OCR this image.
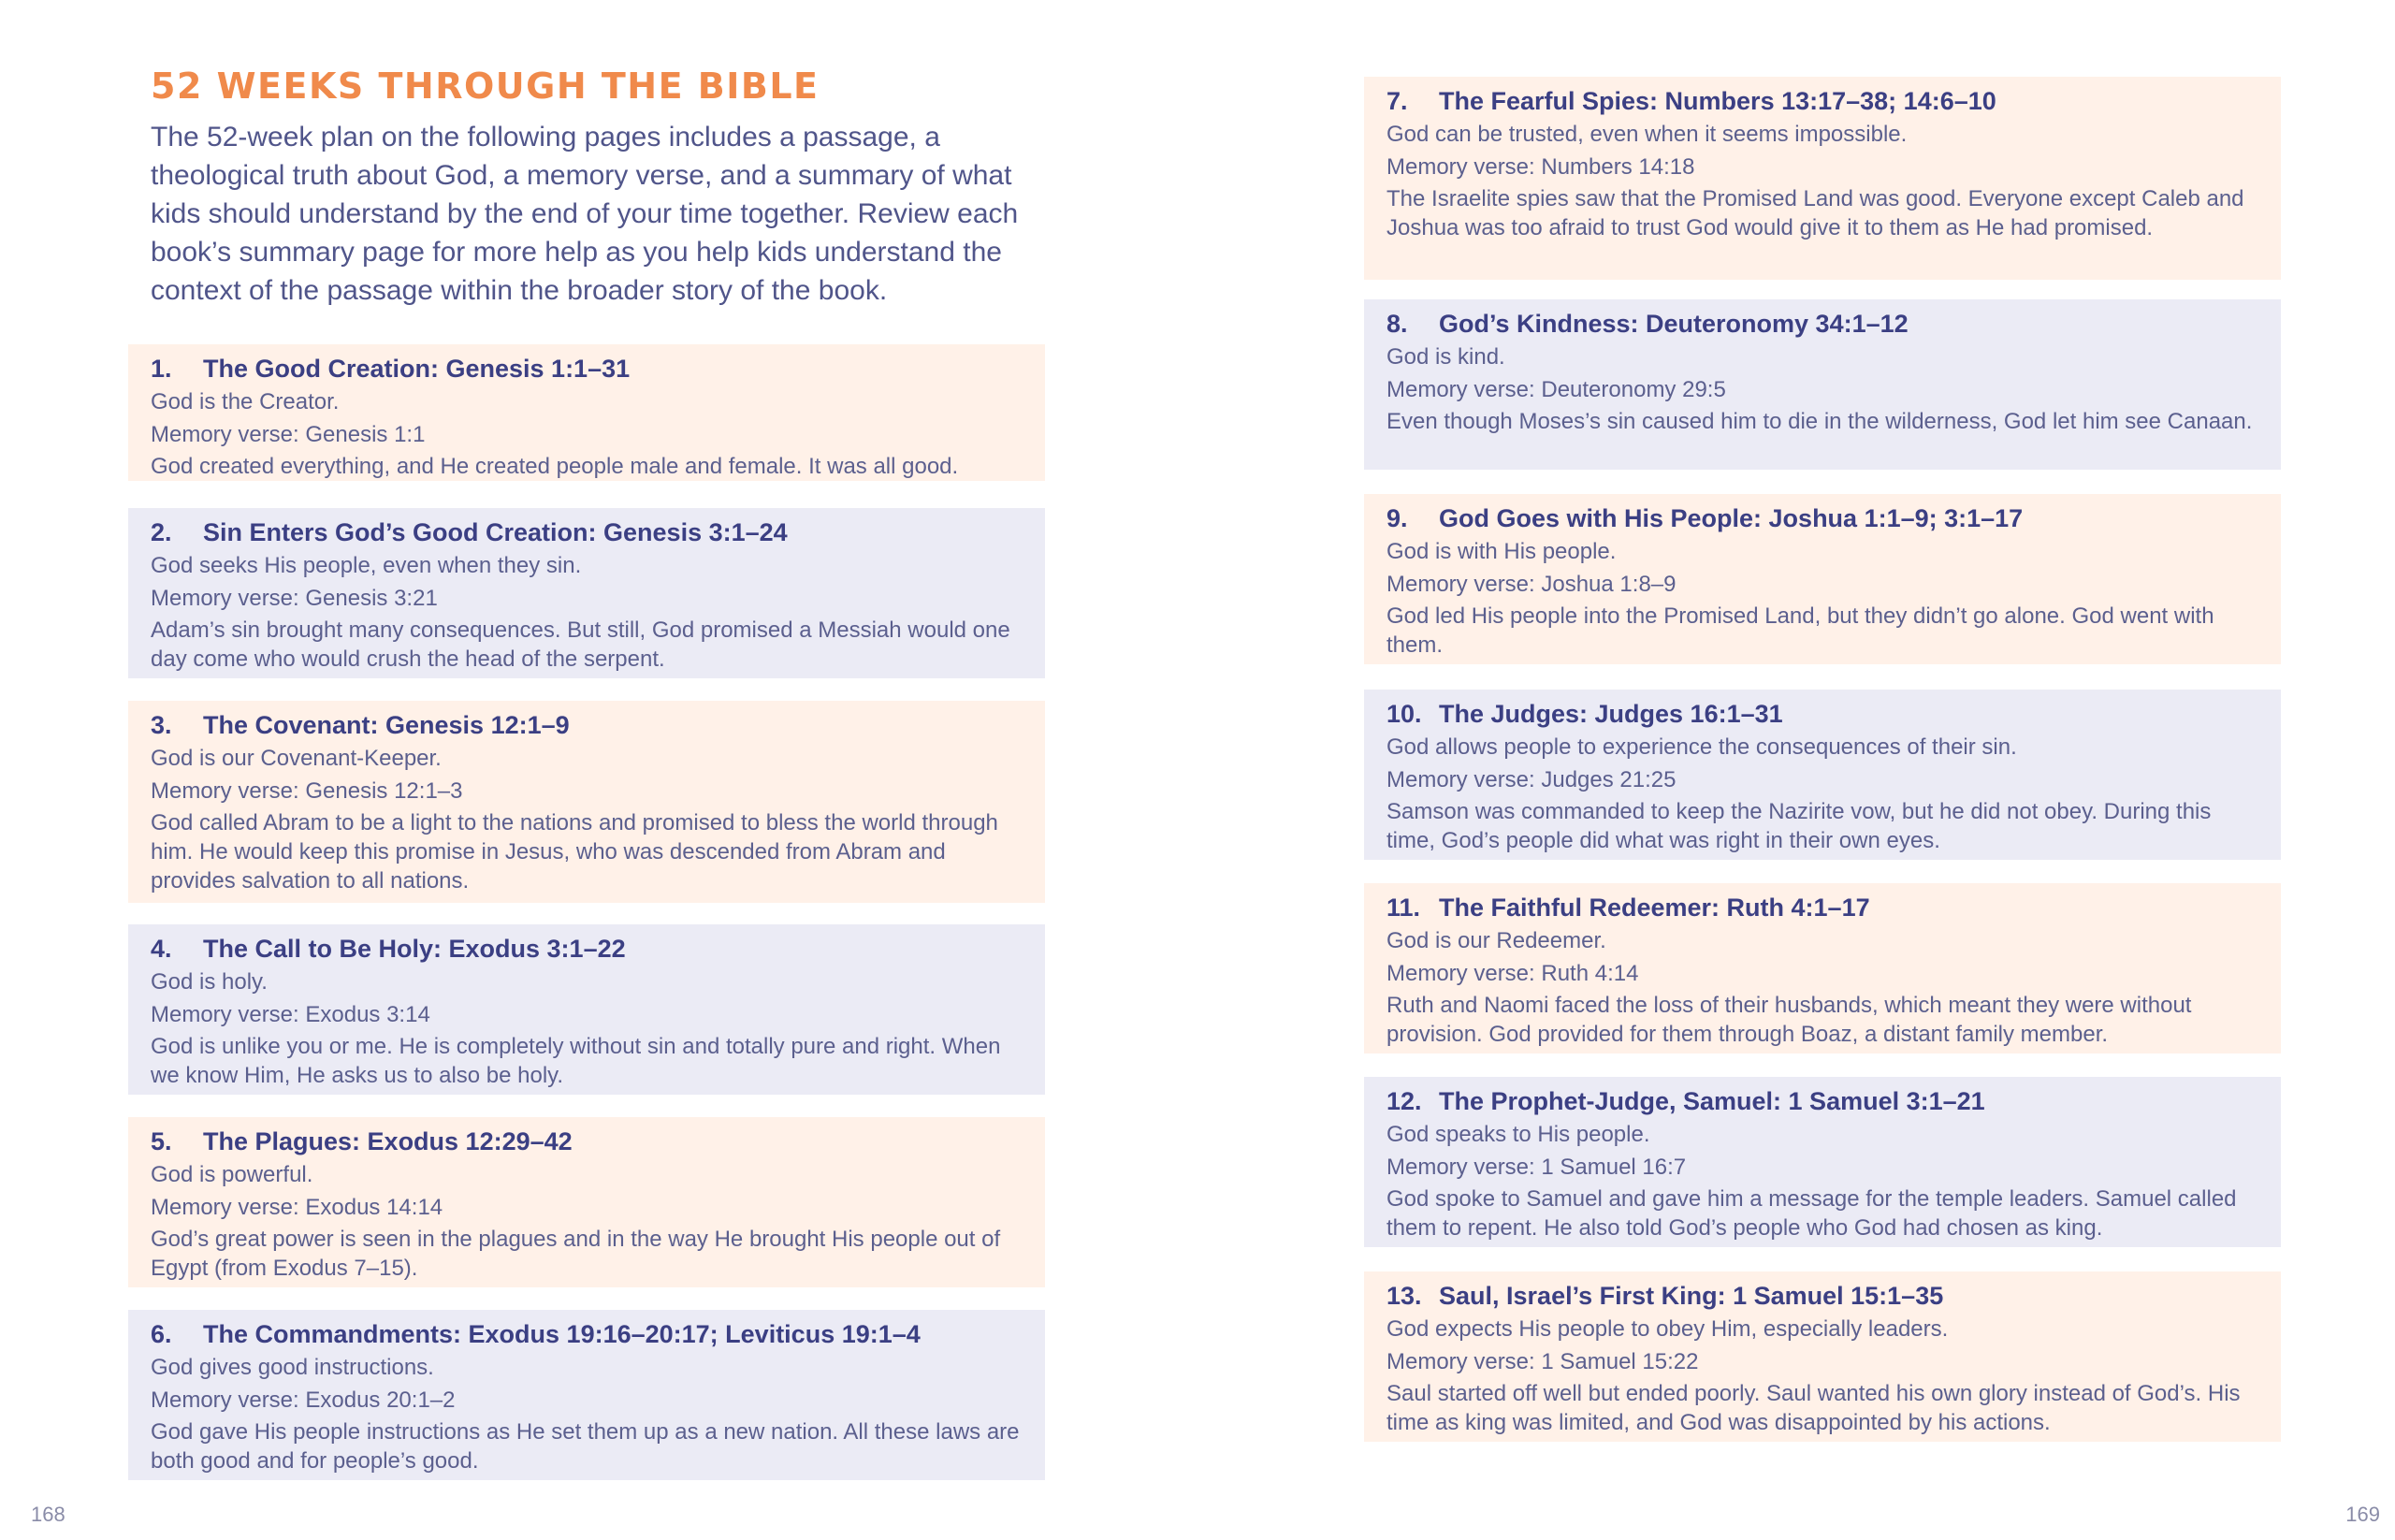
52 WEEKS THROUGH THE BIBLE

The 52-week plan on the following pages includes a passage, a theological truth about God, a memory verse, and a summary of what kids should understand by the end of your time together. Review each book’s summary page for more help as you help kids understand the context of the passage within the broader story of the book.

1. The Good Creation: Genesis 1:1–31
God is the Creator.
Memory verse: Genesis 1:1
God created everything, and He created people male and female. It was all good.
2. Sin Enters God’s Good Creation: Genesis 3:1–24
God seeks His people, even when they sin.
Memory verse: Genesis 3:21
Adam’s sin brought many consequences. But still, God promised a Messiah would one day come who would crush the head of the serpent.
3. The Covenant: Genesis 12:1–9
God is our Covenant-Keeper.
Memory verse: Genesis 12:1–3
God called Abram to be a light to the nations and promised to bless the world through him. He would keep this promise in Jesus, who was descended from Abram and provides salvation to all nations.
4. The Call to Be Holy: Exodus 3:1–22
God is holy.
Memory verse: Exodus 3:14
God is unlike you or me. He is completely without sin and totally pure and right. When we know Him, He asks us to also be holy.
5. The Plagues: Exodus 12:29–42
God is powerful.
Memory verse: Exodus 14:14
God’s great power is seen in the plagues and in the way He brought His people out of Egypt (from Exodus 7–15).
6. The Commandments: Exodus 19:16–20:17; Leviticus 19:1–4
God gives good instructions.
Memory verse: Exodus 20:1–2
God gave His people instructions as He set them up as a new nation. All these laws are both good and for people’s good.
168
7. The Fearful Spies: Numbers 13:17–38; 14:6–10
God can be trusted, even when it seems impossible.
Memory verse: Numbers 14:18
The Israelite spies saw that the Promised Land was good. Everyone except Caleb and Joshua was too afraid to trust God would give it to them as He had promised.
8. God’s Kindness: Deuteronomy 34:1–12
God is kind.
Memory verse: Deuteronomy 29:5
Even though Moses’s sin caused him to die in the wilderness, God let him see Canaan.
9. God Goes with His People: Joshua 1:1–9; 3:1–17
God is with His people.
Memory verse: Joshua 1:8–9
God led His people into the Promised Land, but they didn’t go alone. God went with them.
10. The Judges: Judges 16:1–31
God allows people to experience the consequences of their sin.
Memory verse: Judges 21:25
Samson was commanded to keep the Nazirite vow, but he did not obey. During this time, God’s people did what was right in their own eyes.
11. The Faithful Redeemer: Ruth 4:1–17
God is our Redeemer.
Memory verse: Ruth 4:14
Ruth and Naomi faced the loss of their husbands, which meant they were without provision. God provided for them through Boaz, a distant family member.
12. The Prophet-Judge, Samuel: 1 Samuel 3:1–21
God speaks to His people.
Memory verse: 1 Samuel 16:7
God spoke to Samuel and gave him a message for the temple leaders. Samuel called them to repent. He also told God’s people who God had chosen as king.
13. Saul, Israel’s First King: 1 Samuel 15:1–35
God expects His people to obey Him, especially leaders.
Memory verse: 1 Samuel 15:22
Saul started off well but ended poorly. Saul wanted his own glory instead of God’s. His time as king was limited, and God was disappointed by his actions.
169
